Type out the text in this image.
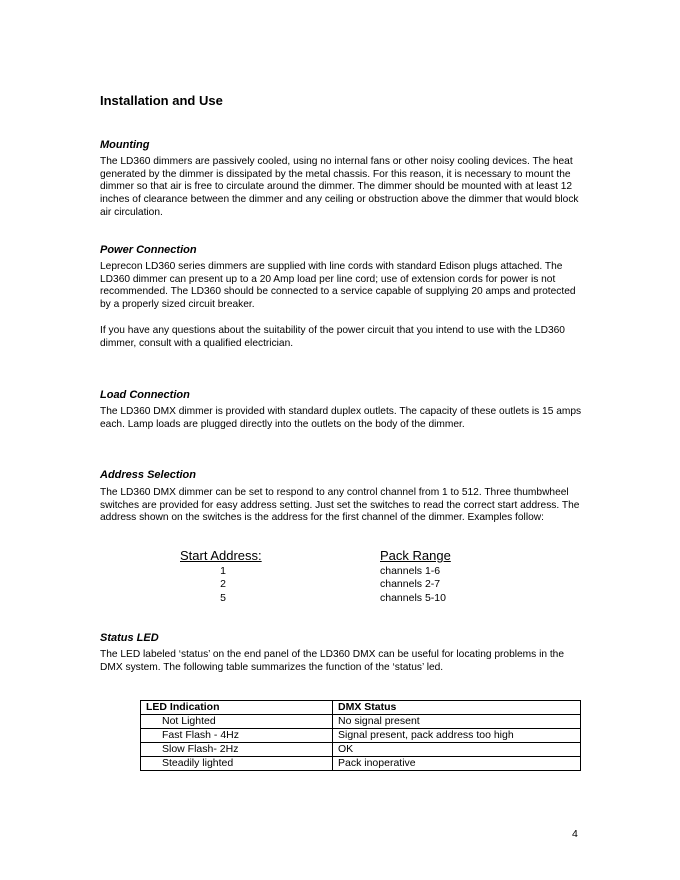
Installation and Use
Mounting
The LD360 dimmers are passively cooled, using no internal fans or other noisy cooling devices. The heat generated by the dimmer is dissipated by the metal chassis. For this reason, it is necessary to mount the dimmer so that air is free to circulate around the dimmer. The dimmer should be mounted with at least 12 inches of clearance between the dimmer and any ceiling or obstruction above the dimmer that would block air circulation.
Power Connection
Leprecon LD360 series dimmers are supplied with line cords with standard Edison plugs attached. The LD360 dimmer can present up to a 20 Amp load per line cord; use of extension cords for power is not recommended. The LD360 should be connected to a service capable of supplying 20 amps and protected by a properly sized circuit breaker.
If you have any questions about the suitability of the power circuit that you intend to use with the LD360 dimmer, consult with a qualified electrician.
Load Connection
The LD360 DMX dimmer is provided with standard duplex outlets. The capacity of these outlets is 15 amps each. Lamp loads are plugged directly into the outlets on the body of the dimmer.
Address Selection
The LD360 DMX dimmer can be set to respond to any control channel from 1 to 512. Three thumbwheel switches are provided for easy address setting. Just set the switches to read the correct start address. The address shown on the switches is the address for the first channel of the dimmer. Examples follow:
Start Address:	Pack Range
1	channels 1-6
2	channels 2-7
5	channels 5-10
Status LED
The LED labeled ‘status’ on the end panel of the LD360 DMX can be useful for locating problems in the DMX system. The following table summarizes the function of the ‘status’ led.
LED Indication	DMX Status
Not Lighted	No signal present
Fast Flash - 4Hz	Signal present, pack address too high
Slow Flash- 2Hz	OK
Steadily lighted	Pack inoperative
4
